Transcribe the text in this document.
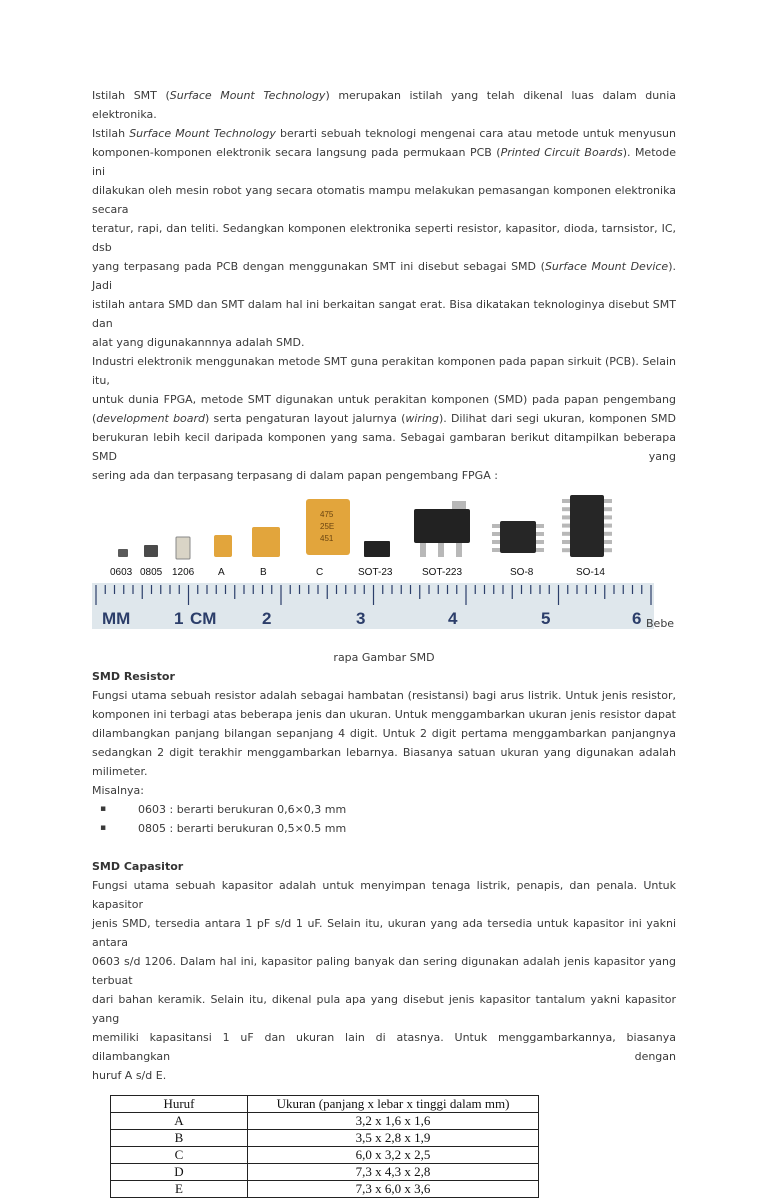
Istilah SMT (Surface Mount Technology) merupakan istilah yang telah dikenal luas dalam dunia elektronika.
Istilah Surface Mount Technology berarti sebuah teknologi mengenai cara atau metode untuk menyusun
komponen-komponen elektronik secara langsung pada permukaan PCB (Printed Circuit Boards). Metode ini
dilakukan oleh mesin robot yang secara otomatis mampu melakukan pemasangan komponen elektronika secara
teratur, rapi, dan teliti. Sedangkan komponen elektronika seperti resistor, kapasitor, dioda, tarnsistor, IC, dsb
yang terpasang pada PCB dengan menggunakan SMT ini disebut sebagai SMD (Surface Mount Device). Jadi
istilah antara SMD dan SMT dalam hal ini berkaitan sangat erat. Bisa dikatakan teknologinya disebut SMT dan
alat yang digunakannnya adalah SMD.
Industri elektronik menggunakan metode SMT guna perakitan komponen pada papan sirkuit (PCB). Selain itu,
untuk dunia FPGA, metode SMT digunakan untuk perakitan komponen (SMD) pada papan pengembang
(development board) serta pengaturan layout jalurnya (wiring). Dilihat dari segi ukuran, komponen SMD
berukuran lebih kecil daripada komponen yang sama. Sebagai gambaran berikut ditampilkan beberapa SMD yang
sering ada dan terpasang terpasang di dalam papan pengembang FPGA :

MM	1 CM	2	3	4	5	6
475
25E
451
0603 0805 1206 A	B	C	SOT-23	SOT-223	SO-8	SO-14
Bebe

rapa Gambar SMD

SMD Resistor

Fungsi utama sebuah resistor adalah sebagai hambatan (resistansi) bagi arus listrik. Untuk jenis resistor,
komponen ini terbagi atas beberapa jenis dan ukuran. Untuk menggambarkan ukuran jenis resistor dapat
dilambangkan panjang bilangan sepanjang 4 digit. Untuk 2 digit pertama menggambarkan panjangnya
sedangkan 2 digit terakhir menggambarkan lebarnya. Biasanya satuan ukuran yang digunakan adalah milimeter.
Misalnya:

▪	0603 : berarti berukuran 0,6×0,3 mm
▪	0805 : berarti berukuran 0,5×0.5 mm
SMD Capasitor

Fungsi utama sebuah kapasitor adalah untuk menyimpan tenaga listrik, penapis, dan penala. Untuk kapasitor
jenis SMD, tersedia antara 1 pF s/d 1 uF. Selain itu, ukuran yang ada tersedia untuk kapasitor ini yakni antara
0603 s/d 1206. Dalam hal ini, kapasitor paling banyak dan sering digunakan adalah jenis kapasitor yang terbuat
dari bahan keramik. Selain itu, dikenal pula apa yang disebut jenis kapasitor tantalum yakni kapasitor yang
memiliki kapasitansi 1 uF dan ukuran lain di atasnya. Untuk menggambarkannya, biasanya dilambangkan dengan
huruf A s/d E.

Huruf	Ukuran (panjang x lebar x tinggi dalam mm)
A	3,2 x 1,6 x 1,6
B	3,5 x 2,8 x 1,9
C	6,0 x 3,2 x 2,5
D	7,3 x 4,3 x 2,8
E	7,3 x 6,0 x 3,6
